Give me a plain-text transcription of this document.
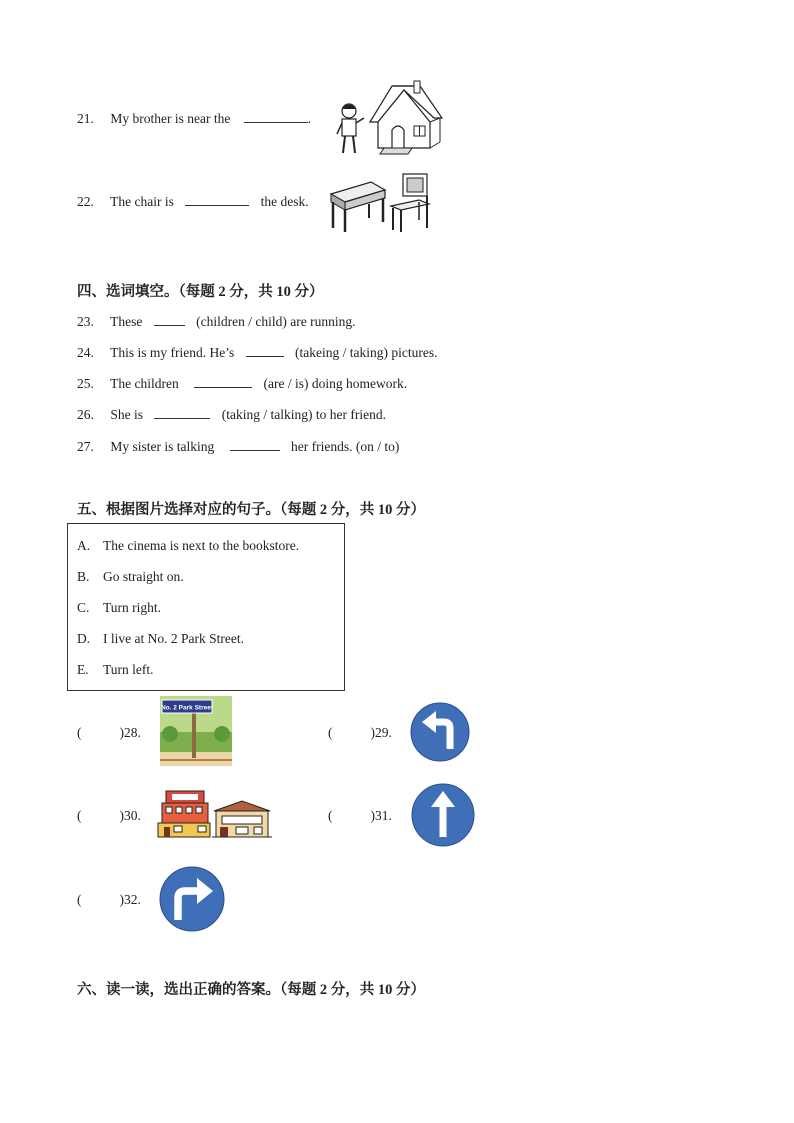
21. My brother is near the	.
22. The chair is	the desk.
四、选词填空。（每题 2 分，共 10 分）
23. These	(children / child) are running.
24. This is my friend. He’s	(takeing / taking) pictures.
25. The children	(are / is) doing homework.
26. She is	(taking / talking) to her friend.
27. My sister is talking	her friends. (on / to)
五、根据图片选择对应的句子。（每题 2 分，共 10 分）
A. The cinema is next to the bookstore.
B. Go straight on.
C. Turn right.
D. I live at No. 2 Park Street.
E. Turn left.
(	)28.
No. 2 Park Street
(	)29.
(	)30.	(	)31.
(	)32.
六、读一读，选出正确的答案。（每题 2 分，共 10 分）
